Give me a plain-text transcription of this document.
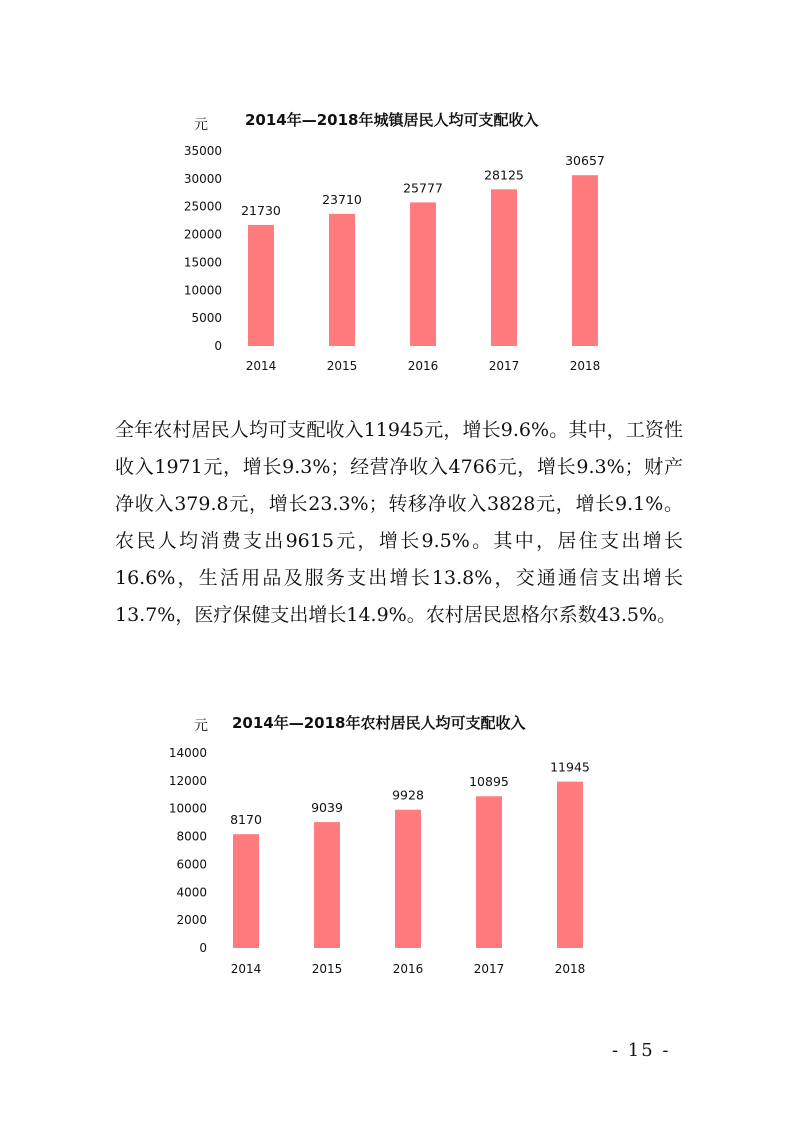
元 2014年—2018年城镇居民人均可支配收入
0
5000
10000
15000
20000
25000
30000
35000
21730
23710
25777
28125
30657
2014	2015	2016	2017	2018

全年农村居民人均可支配收入11945元，增长9.6%。其中，工资性收入1971元，增长9.3%；经营净收入4766元，增长9.3%；财产净收入379.8元，增长23.3%；转移净收入3828元，增长9.1%。农民人均消费支出9615元，增长9.5%。其中，居住支出增长16.6%，生活用品及服务支出增长13.8%，交通通信支出增长13.7%，医疗保健支出增长14.9%。农村居民恩格尔系数43.5%。

元 2014年—2018年农村居民人均可支配收入
0
2000
4000
6000
8000
10000
12000
14000
8170
9039
9928
10895
11945
2014	2015	2016	2017	2018
- 15 -
